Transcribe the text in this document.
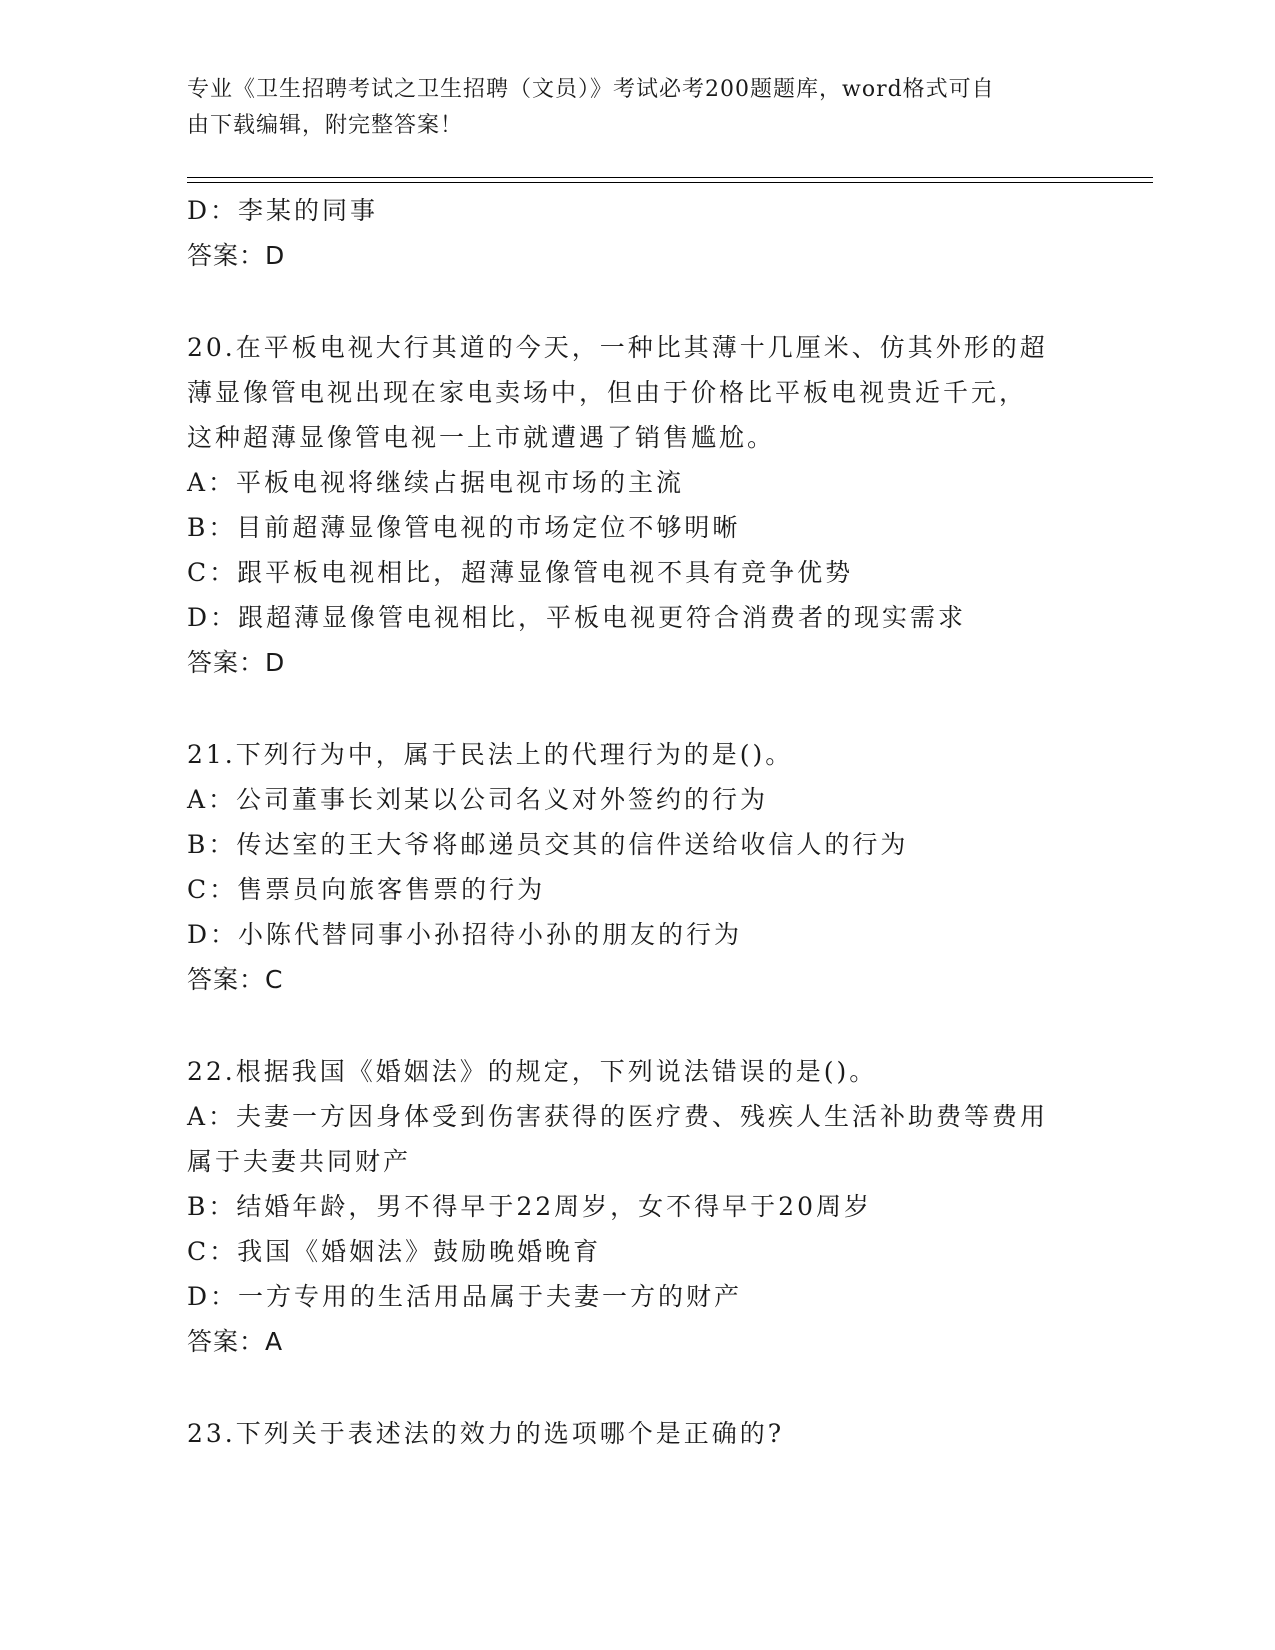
专业《卫生招聘考试之卫生招聘（文员）》考试必考200题题库，word格式可自
由下载编辑，附完整答案！
D：李某的同事
答案：D
20.在平板电视大行其道的今天，一种比其薄十几厘米、仿其外形的超
薄显像管电视出现在家电卖场中，但由于价格比平板电视贵近千元，
这种超薄显像管电视一上市就遭遇了销售尴尬。
A：平板电视将继续占据电视市场的主流
B：目前超薄显像管电视的市场定位不够明晰
C：跟平板电视相比，超薄显像管电视不具有竞争优势
D：跟超薄显像管电视相比，平板电视更符合消费者的现实需求
答案：D
21.下列行为中，属于民法上的代理行为的是()。
A：公司董事长刘某以公司名义对外签约的行为
B：传达室的王大爷将邮递员交其的信件送给收信人的行为
C：售票员向旅客售票的行为
D：小陈代替同事小孙招待小孙的朋友的行为
答案：C
22.根据我国《婚姻法》的规定，下列说法错误的是()。
A：夫妻一方因身体受到伤害获得的医疗费、残疾人生活补助费等费用
属于夫妻共同财产
B：结婚年龄，男不得早于22周岁，女不得早于20周岁
C：我国《婚姻法》鼓励晚婚晚育
D：一方专用的生活用品属于夫妻一方的财产
答案：A
23.下列关于表述法的效力的选项哪个是正确的?
